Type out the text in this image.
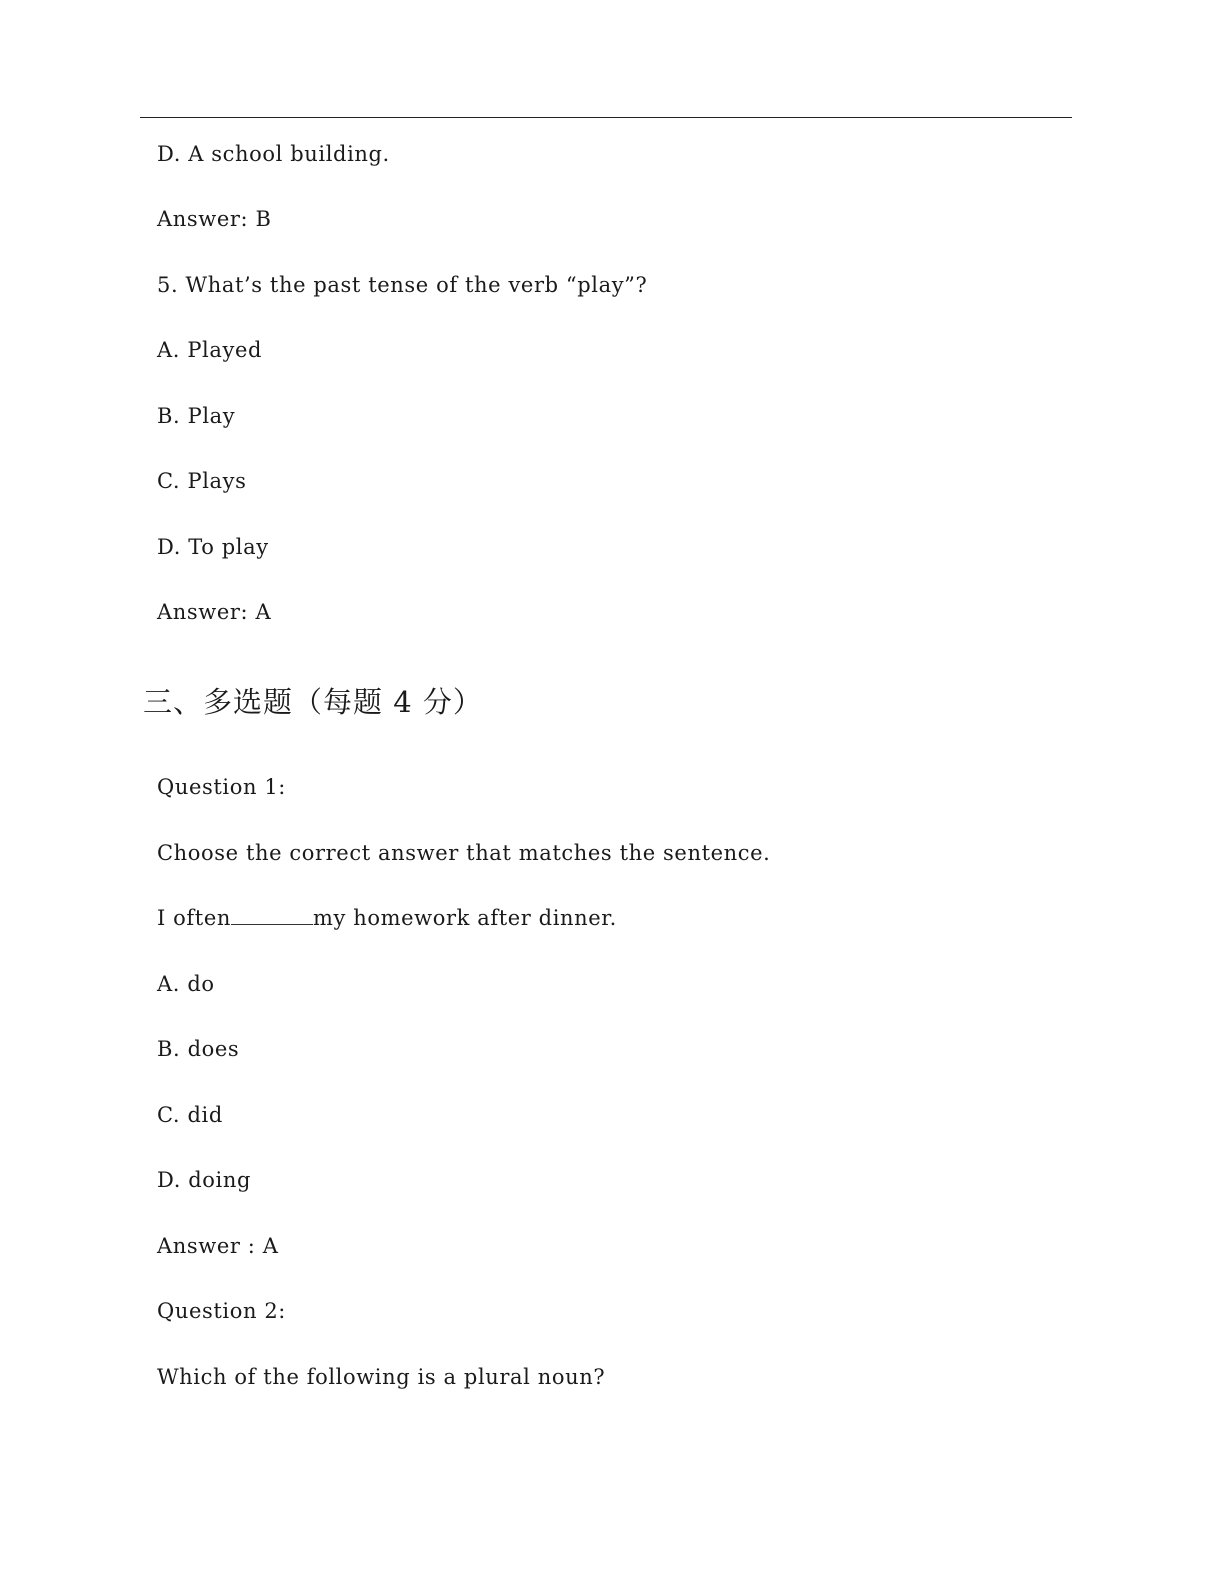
D. A school building.
Answer: B
5. What’s the past tense of the verb “play”?
A. Played
B. Play
C. Plays
D. To play
Answer: A
三、多选题（每题 4 分）
Question 1:
Choose the correct answer that matches the sentence.
I often	my homework after dinner.
A. do
B. does
C. did
D. doing
Answer : A
Question 2:
Which of the following is a plural noun?
